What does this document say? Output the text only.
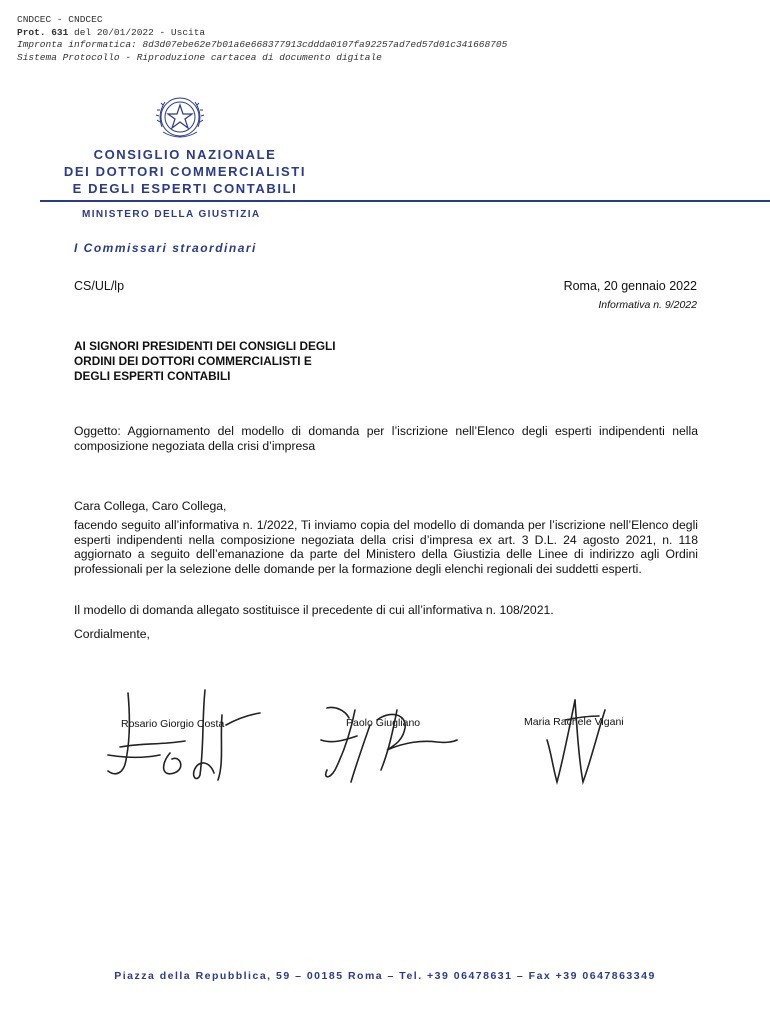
CNDCEC - CNDCEC
Prot. 631 del 20/01/2022 - Uscita
Impronta informatica: 8d3d07ebe62e7b01a6e668377913cddda0107fa92257ad7ed57d01c341668705
Sistema Protocollo - Riproduzione cartacea di documento digitale
CONSIGLIO NAZIONALE
DEI DOTTORI COMMERCIALISTI
E DEGLI ESPERTI CONTABILI
MINISTERO DELLA GIUSTIZIA
I Commissari straordinari
CS/UL/lp	Roma, 20 gennaio 2022
Informativa n. 9/2022
AI SIGNORI PRESIDENTI DEI CONSIGLI DEGLI
ORDINI DEI DOTTORI COMMERCIALISTI E
DEGLI ESPERTI CONTABILI
Oggetto: Aggiornamento del modello di domanda per l’iscrizione nell’Elenco degli esperti indipendenti nella composizione negoziata della crisi d’impresa
Cara Collega, Caro Collega,
facendo seguito all’informativa n. 1/2022, Ti inviamo copia del modello di domanda per l’iscrizione nell’Elenco degli esperti indipendenti nella composizione negoziata della crisi d’impresa ex art. 3 D.L. 24 agosto 2021, n. 118 aggiornato a seguito dell’emanazione da parte del Ministero della Giustizia delle Linee di indirizzo agli Ordini professionali per la selezione delle domande per la formazione degli elenchi regionali dei suddetti esperti.
Il modello di domanda allegato sostituisce il precedente di cui all’informativa n. 108/2021.
Cordialmente,
Rosario Giorgio Costa	Paolo Giugliano	Maria Rachele Vigani
Piazza della Repubblica, 59 – 00185 Roma – Tel. +39 06478631 – Fax +39 0647863349
